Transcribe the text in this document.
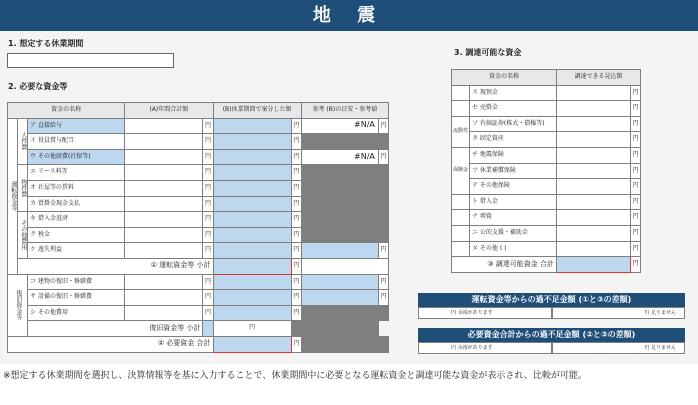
地 震
1. 想定する休業期間
2. 必要な資金等
資金の名称			(A)年間合計額		(B)休業期間で案分した額		参考 (B)の目安・参考値	
運転資金等	人件費	ア 直接給与		円		円	#N/A	円
		イ 役員賞与配当		円		円		
		ウ その他経費(社保等)		円		円	#N/A	円
	物件費	エ リース料等		円		円		
		オ 社屋等の賃料		円		円		
		カ 買掛金現金支払		円		円		
	その他費用	キ 借入金返済		円		円		
		ク 税金		円		円		
		ケ 逸失利益		円		円		円
	① 運転資金等 小計					円		
復旧資金等		コ 建物の復旧・修繕費		円		円		円
		サ 設備の復旧・修繕費		円		円		円
		シ その他費用		円		円		
		復旧資金等 小計			円			
② 必要資金 合計						円		
3. 調達可能な資金
資金の名称		調達できる見込額	
	ス 現預金		円
	セ 売掛金		円
流動性	ソ 有価証券(株式・債権等)		円
	タ 固定資産		円
保険金	チ 地震保険		円
	ツ 休業補償保険		円
	テ その他保険		円
	ト 借入金		円
	ナ 増資		円
	ニ 公的支援・補助金		円
	ヌ その他 ( )		円
③ 調達可能資金 合計			円
運転資金等からの過不足金額 (①と③の差額)
円 余裕があります	円 足りません
必要資金合計からの過不足金額 (②と③の差額)
円 余裕があります	円 足りません
※想定する休業期間を選択し、決算情報等を基に入力することで、休業期間中に必要となる運転資金と調達可能な資金が表示され、比較が可能。
